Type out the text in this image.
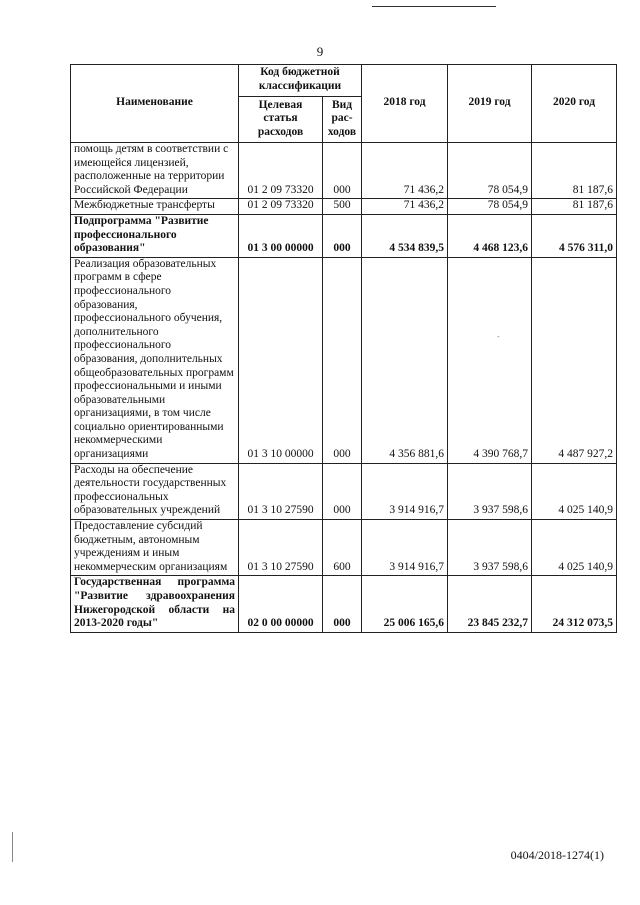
9
-
Наименование	Код бюджетной классификации		2018 год	2019 год	2020 год
	Целевая статья расходов	Вид рас-ходов			
помощь детям в соответствии с имеющейся лицензией, расположенные на территории Российской Федерации	01 2 09 73320	000	71 436,2	78 054,9	81 187,6
Межбюджетные трансферты	01 2 09 73320	500	71 436,2	78 054,9	81 187,6
Подпрограмма "Развитие профессионального образования"	01 3 00 00000	000	4 534 839,5	4 468 123,6	4 576 311,0
Реализация образовательных программ в сфере профессионального образования, профессионального обучения, дополнительного профессионального образования, дополнительных общеобразовательных программ профессиональными и иными образовательными организациями, в том числе социально ориентированными некоммерческими организациями	01 3 10 00000	000	4 356 881,6	4 390 768,7	4 487 927,2
Расходы на обеспечение деятельности государственных профессиональных образовательных учреждений	01 3 10 27590	000	3 914 916,7	3 937 598,6	4 025 140,9
Предоставление субсидий бюджетным, автономным учреждениям и иным некоммерческим организациям	01 3 10 27590	600	3 914 916,7	3 937 598,6	4 025 140,9
Государственная программа "Развитие здравоохранения Нижегородской области на 2013-2020 годы"	02 0 00 00000	000	25 006 165,6	23 845 232,7	24 312 073,5
0404/2018-1274(1)
